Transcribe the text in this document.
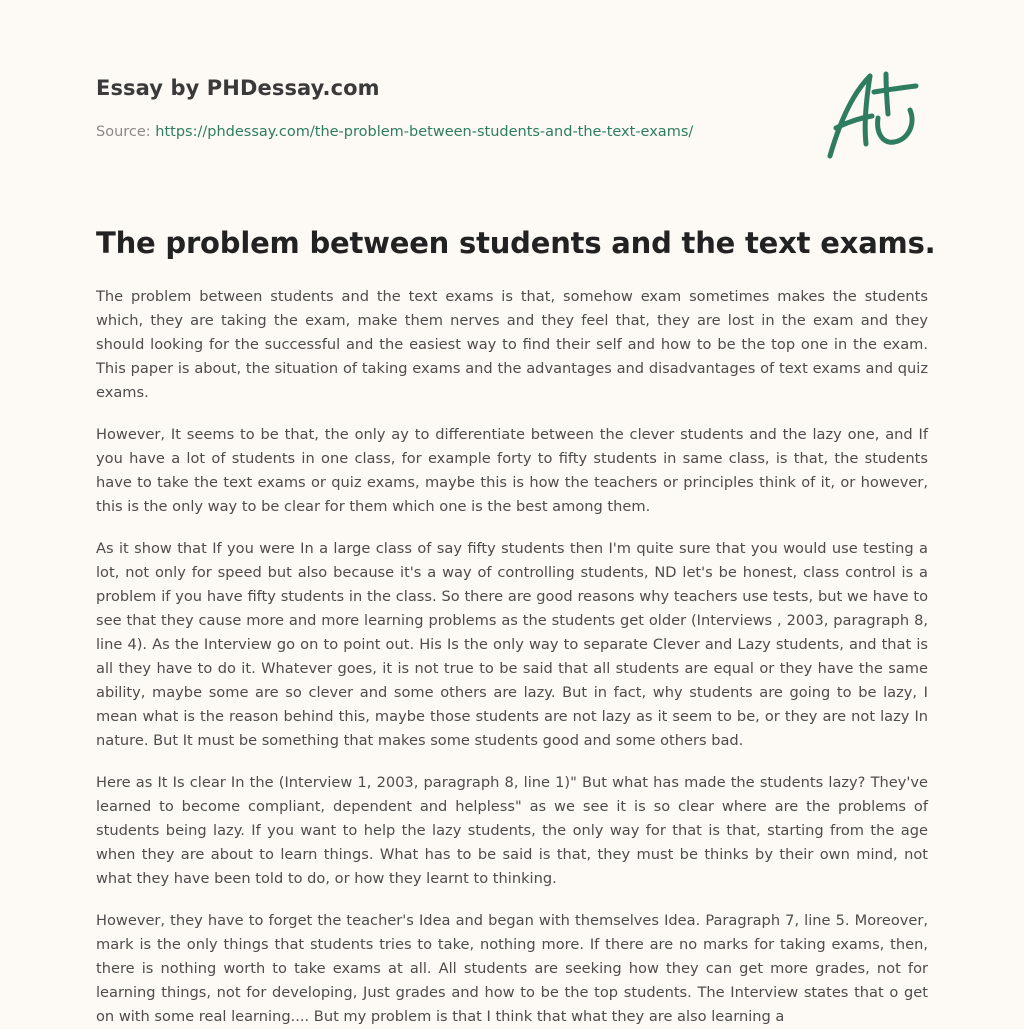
Essay by PHDessay.com

Source: https://phdessay.com/the-problem-between-students-and-the-text-exams/
The problem between students and the text exams.

The problem between students and the text exams is that, somehow exam sometimes makes the students which, they are taking the exam, make them nerves and they feel that, they are lost in the exam and they should looking for the successful and the easiest way to find their self and how to be the top one in the exam. This paper is about, the situation of taking exams and the advantages and disadvantages of text exams and quiz exams.

However, It seems to be that, the only ay to differentiate between the clever students and the lazy one, and If you have a lot of students in one class, for example forty to fifty students in same class, is that, the students have to take the text exams or quiz exams, maybe this is how the teachers or principles think of it, or however, this is the only way to be clear for them which one is the best among them.

As it show that If you were In a large class of say fifty students then I'm quite sure that you would use testing a lot, not only for speed but also because it's a way of controlling students, ND let's be honest, class control is a problem if you have fifty students in the class. So there are good reasons why teachers use tests, but we have to see that they cause more and more learning problems as the students get older (Interviews , 2003, paragraph 8, line 4). As the Interview go on to point out. His Is the only way to separate Clever and Lazy students, and that is all they have to do it. Whatever goes, it is not true to be said that all students are equal or they have the same ability, maybe some are so clever and some others are lazy. But in fact, why students are going to be lazy, I mean what is the reason behind this, maybe those students are not lazy as it seem to be, or they are not lazy In nature. But It must be something that makes some students good and some others bad.

Here as It Is clear In the (Interview 1, 2003, paragraph 8, line 1)" But what has made the students lazy? They've learned to become compliant, dependent and helpless" as we see it is so clear where are the problems of students being lazy. If you want to help the lazy students, the only way for that is that, starting from the age when they are about to learn things. What has to be said is that, they must be thinks by their own mind, not what they have been told to do, or how they learnt to thinking.

However, they have to forget the teacher's Idea and began with themselves Idea. Paragraph 7, line 5. Moreover, mark is the only things that students tries to take, nothing more. If there are no marks for taking exams, then, there is nothing worth to take exams at all. All students are seeking how they can get more grades, not for learning things, not for developing, Just grades and how to be the top students. The Interview states that o get on with some real learning.... But my problem is that I think that what they are also learning a
